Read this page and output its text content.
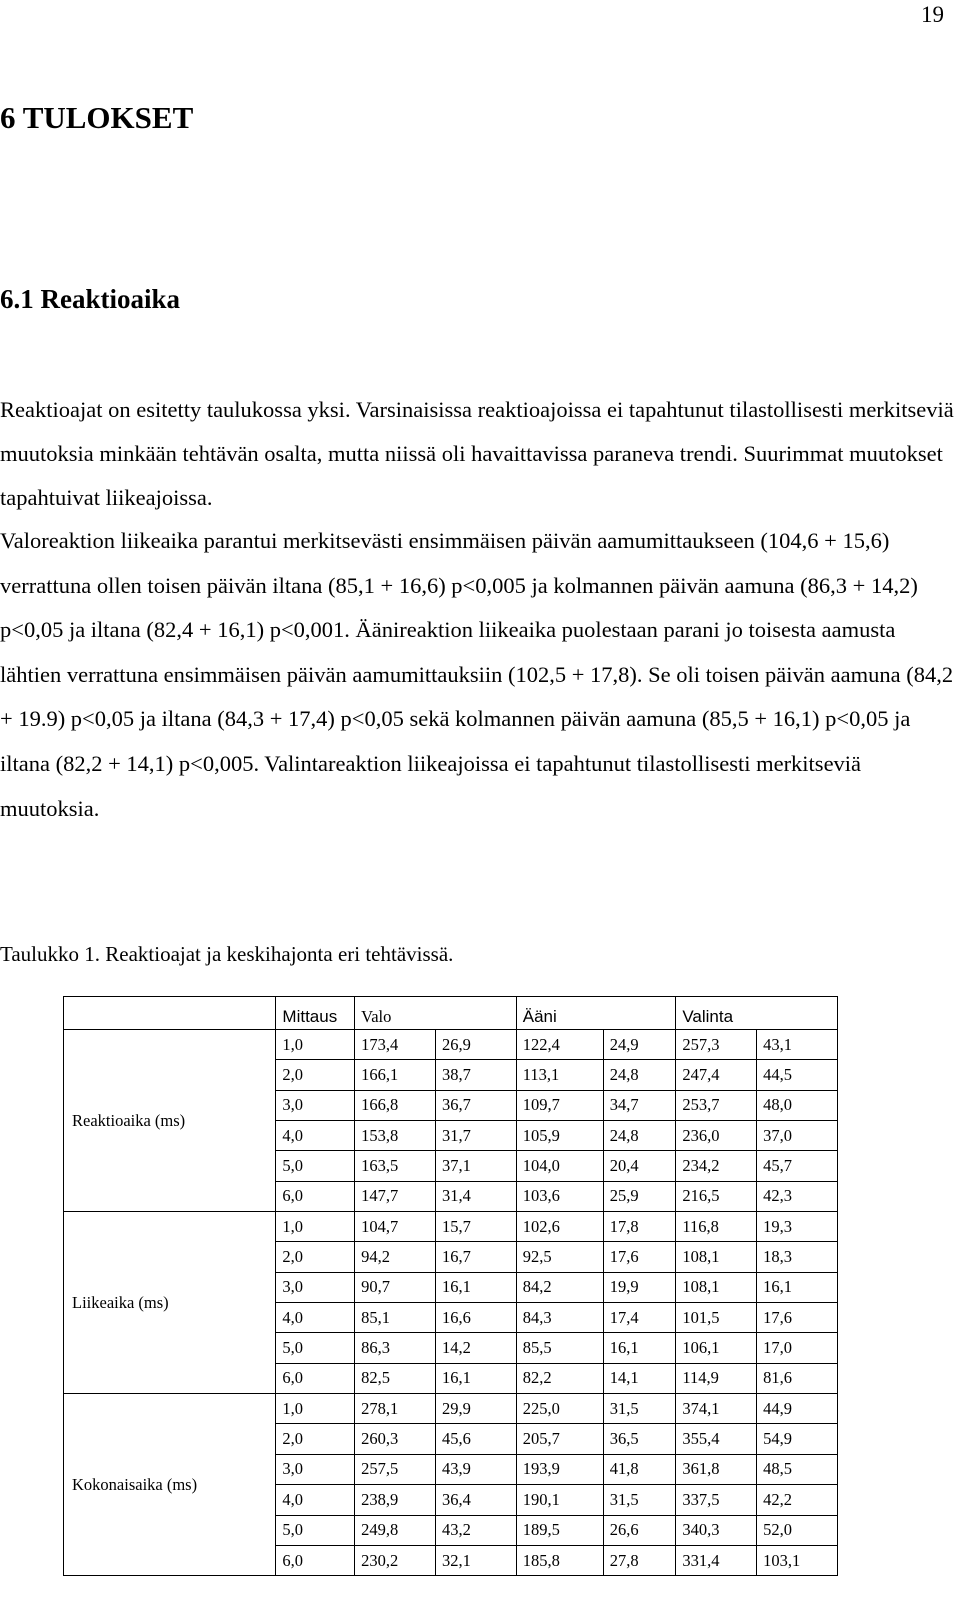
19
6 TULOKSET
6.1 Reaktioaika

Reaktioajat on esitetty taulukossa yksi. Varsinaisissa reaktioajoissa ei tapahtunut tilastollisesti merkitseviä muutoksia minkään tehtävän osalta, mutta niissä oli havaittavissa paraneva trendi. Suurimmat muutokset tapahtuivat liikeajoissa.

Valoreaktion liikeaika parantui merkitsevästi ensimmäisen päivän aamumittaukseen (104,6 + 15,6) verrattuna ollen toisen päivän iltana (85,1 + 16,6) p<0,005 ja kolmannen päivän aamuna (86,3 + 14,2) p<0,05 ja iltana (82,4 + 16,1) p<0,001. Äänireaktion liikeaika puolestaan parani jo toisesta aamusta lähtien verrattuna ensimmäisen päivän aamumittauksiin (102,5 + 17,8). Se oli toisen päivän aamuna (84,2 + 19.9) p<0,05 ja iltana (84,3 + 17,4) p<0,05 sekä kolmannen päivän aamuna (85,5 + 16,1) p<0,05 ja iltana (82,2 + 14,1) p<0,005. Valintareaktion liikeajoissa ei tapahtunut tilastollisesti merkitseviä muutoksia.

Taulukko 1. Reaktioajat ja keskihajonta eri tehtävissä.

	Mittaus	Valo		Ääni		Valinta	
Reaktioaika (ms)	1,0	173,4	26,9	122,4	24,9	257,3	43,1
	2,0	166,1	38,7	113,1	24,8	247,4	44,5
	3,0	166,8	36,7	109,7	34,7	253,7	48,0
	4,0	153,8	31,7	105,9	24,8	236,0	37,0
	5,0	163,5	37,1	104,0	20,4	234,2	45,7
	6,0	147,7	31,4	103,6	25,9	216,5	42,3
Liikeaika (ms)	1,0	104,7	15,7	102,6	17,8	116,8	19,3
	2,0	94,2	16,7	92,5	17,6	108,1	18,3
	3,0	90,7	16,1	84,2	19,9	108,1	16,1
	4,0	85,1	16,6	84,3	17,4	101,5	17,6
	5,0	86,3	14,2	85,5	16,1	106,1	17,0
	6,0	82,5	16,1	82,2	14,1	114,9	81,6
Kokonaisaika (ms)	1,0	278,1	29,9	225,0	31,5	374,1	44,9
	2,0	260,3	45,6	205,7	36,5	355,4	54,9
	3,0	257,5	43,9	193,9	41,8	361,8	48,5
	4,0	238,9	36,4	190,1	31,5	337,5	42,2
	5,0	249,8	43,2	189,5	26,6	340,3	52,0
	6,0	230,2	32,1	185,8	27,8	331,4	103,1
